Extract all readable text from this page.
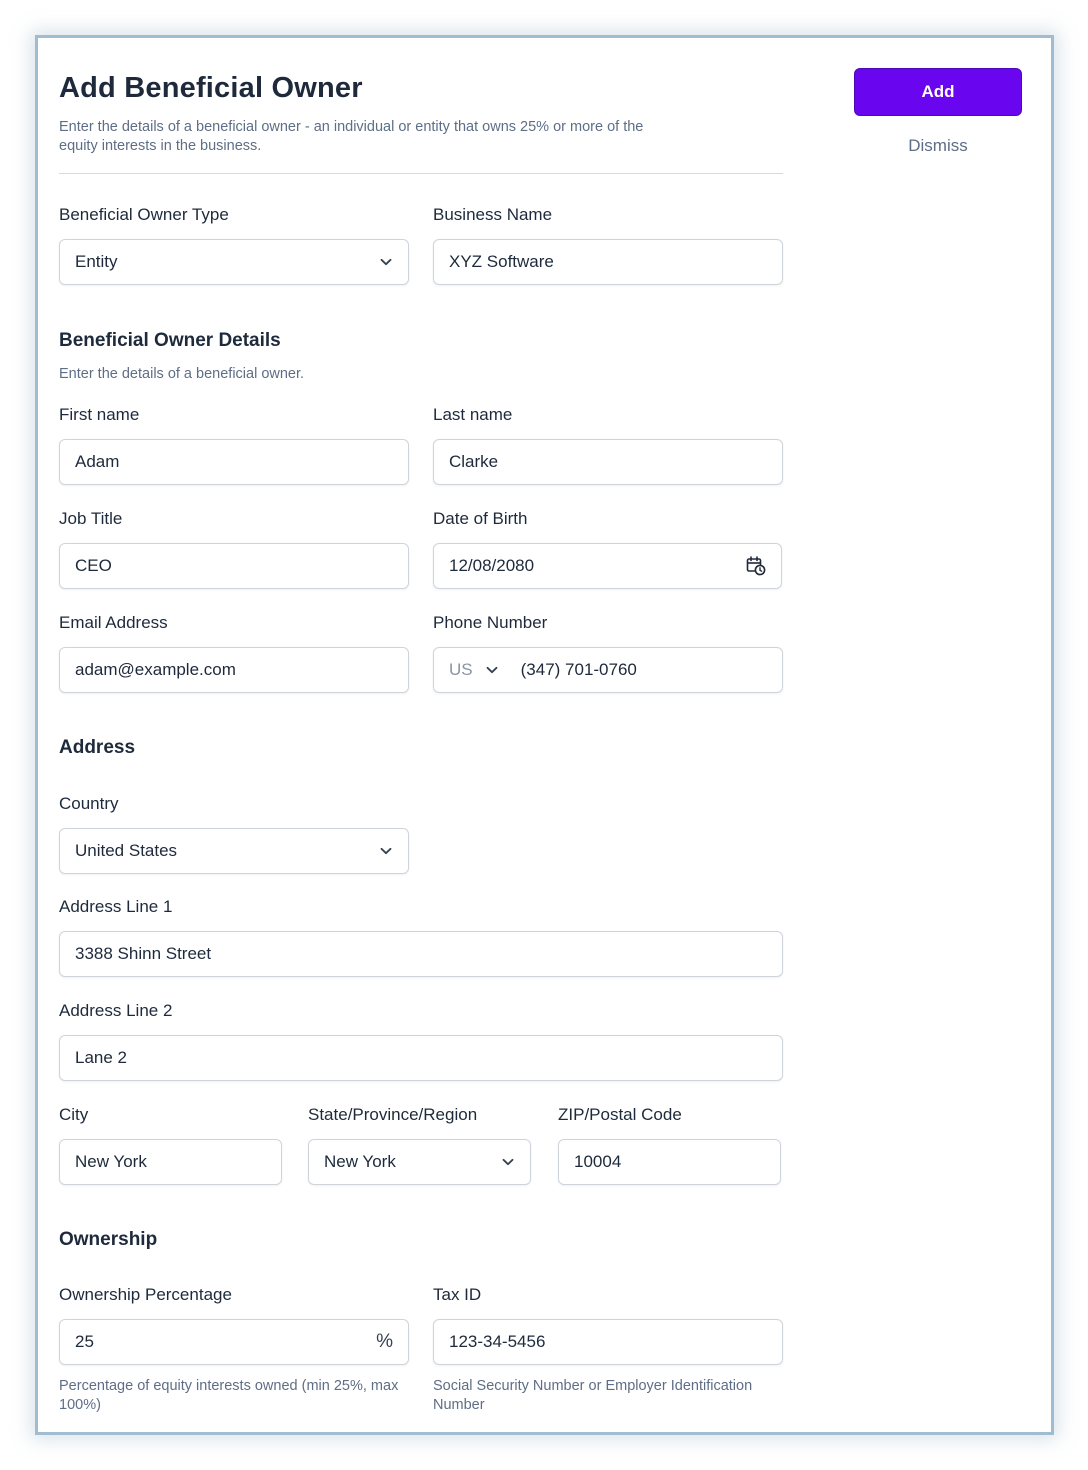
Add Beneficial Owner

Enter the details of a beneficial owner - an individual or entity that owns 25% or more of the equity interests in the business.

Beneficial Owner Type
Entity
Business Name
XYZ Software
Beneficial Owner Details

Enter the details of a beneficial owner.

First name
Adam
Last name
Clarke
Job Title
CEO
Date of Birth
12/08/2080
Email Address
adam@example.com
Phone Number
US	(347) 701-0760
Address
Country
United States
Address Line 1
3388 Shinn Street
Address Line 2
Lane 2
City
New York
State/Province/Region
New York
ZIP/Postal Code
10004
Ownership
Ownership Percentage
25	%

Percentage of equity interests owned (min 25%, max 100%)

Tax ID
123-34-5456

Social Security Number or Employer Identification Number

Add
Dismiss
